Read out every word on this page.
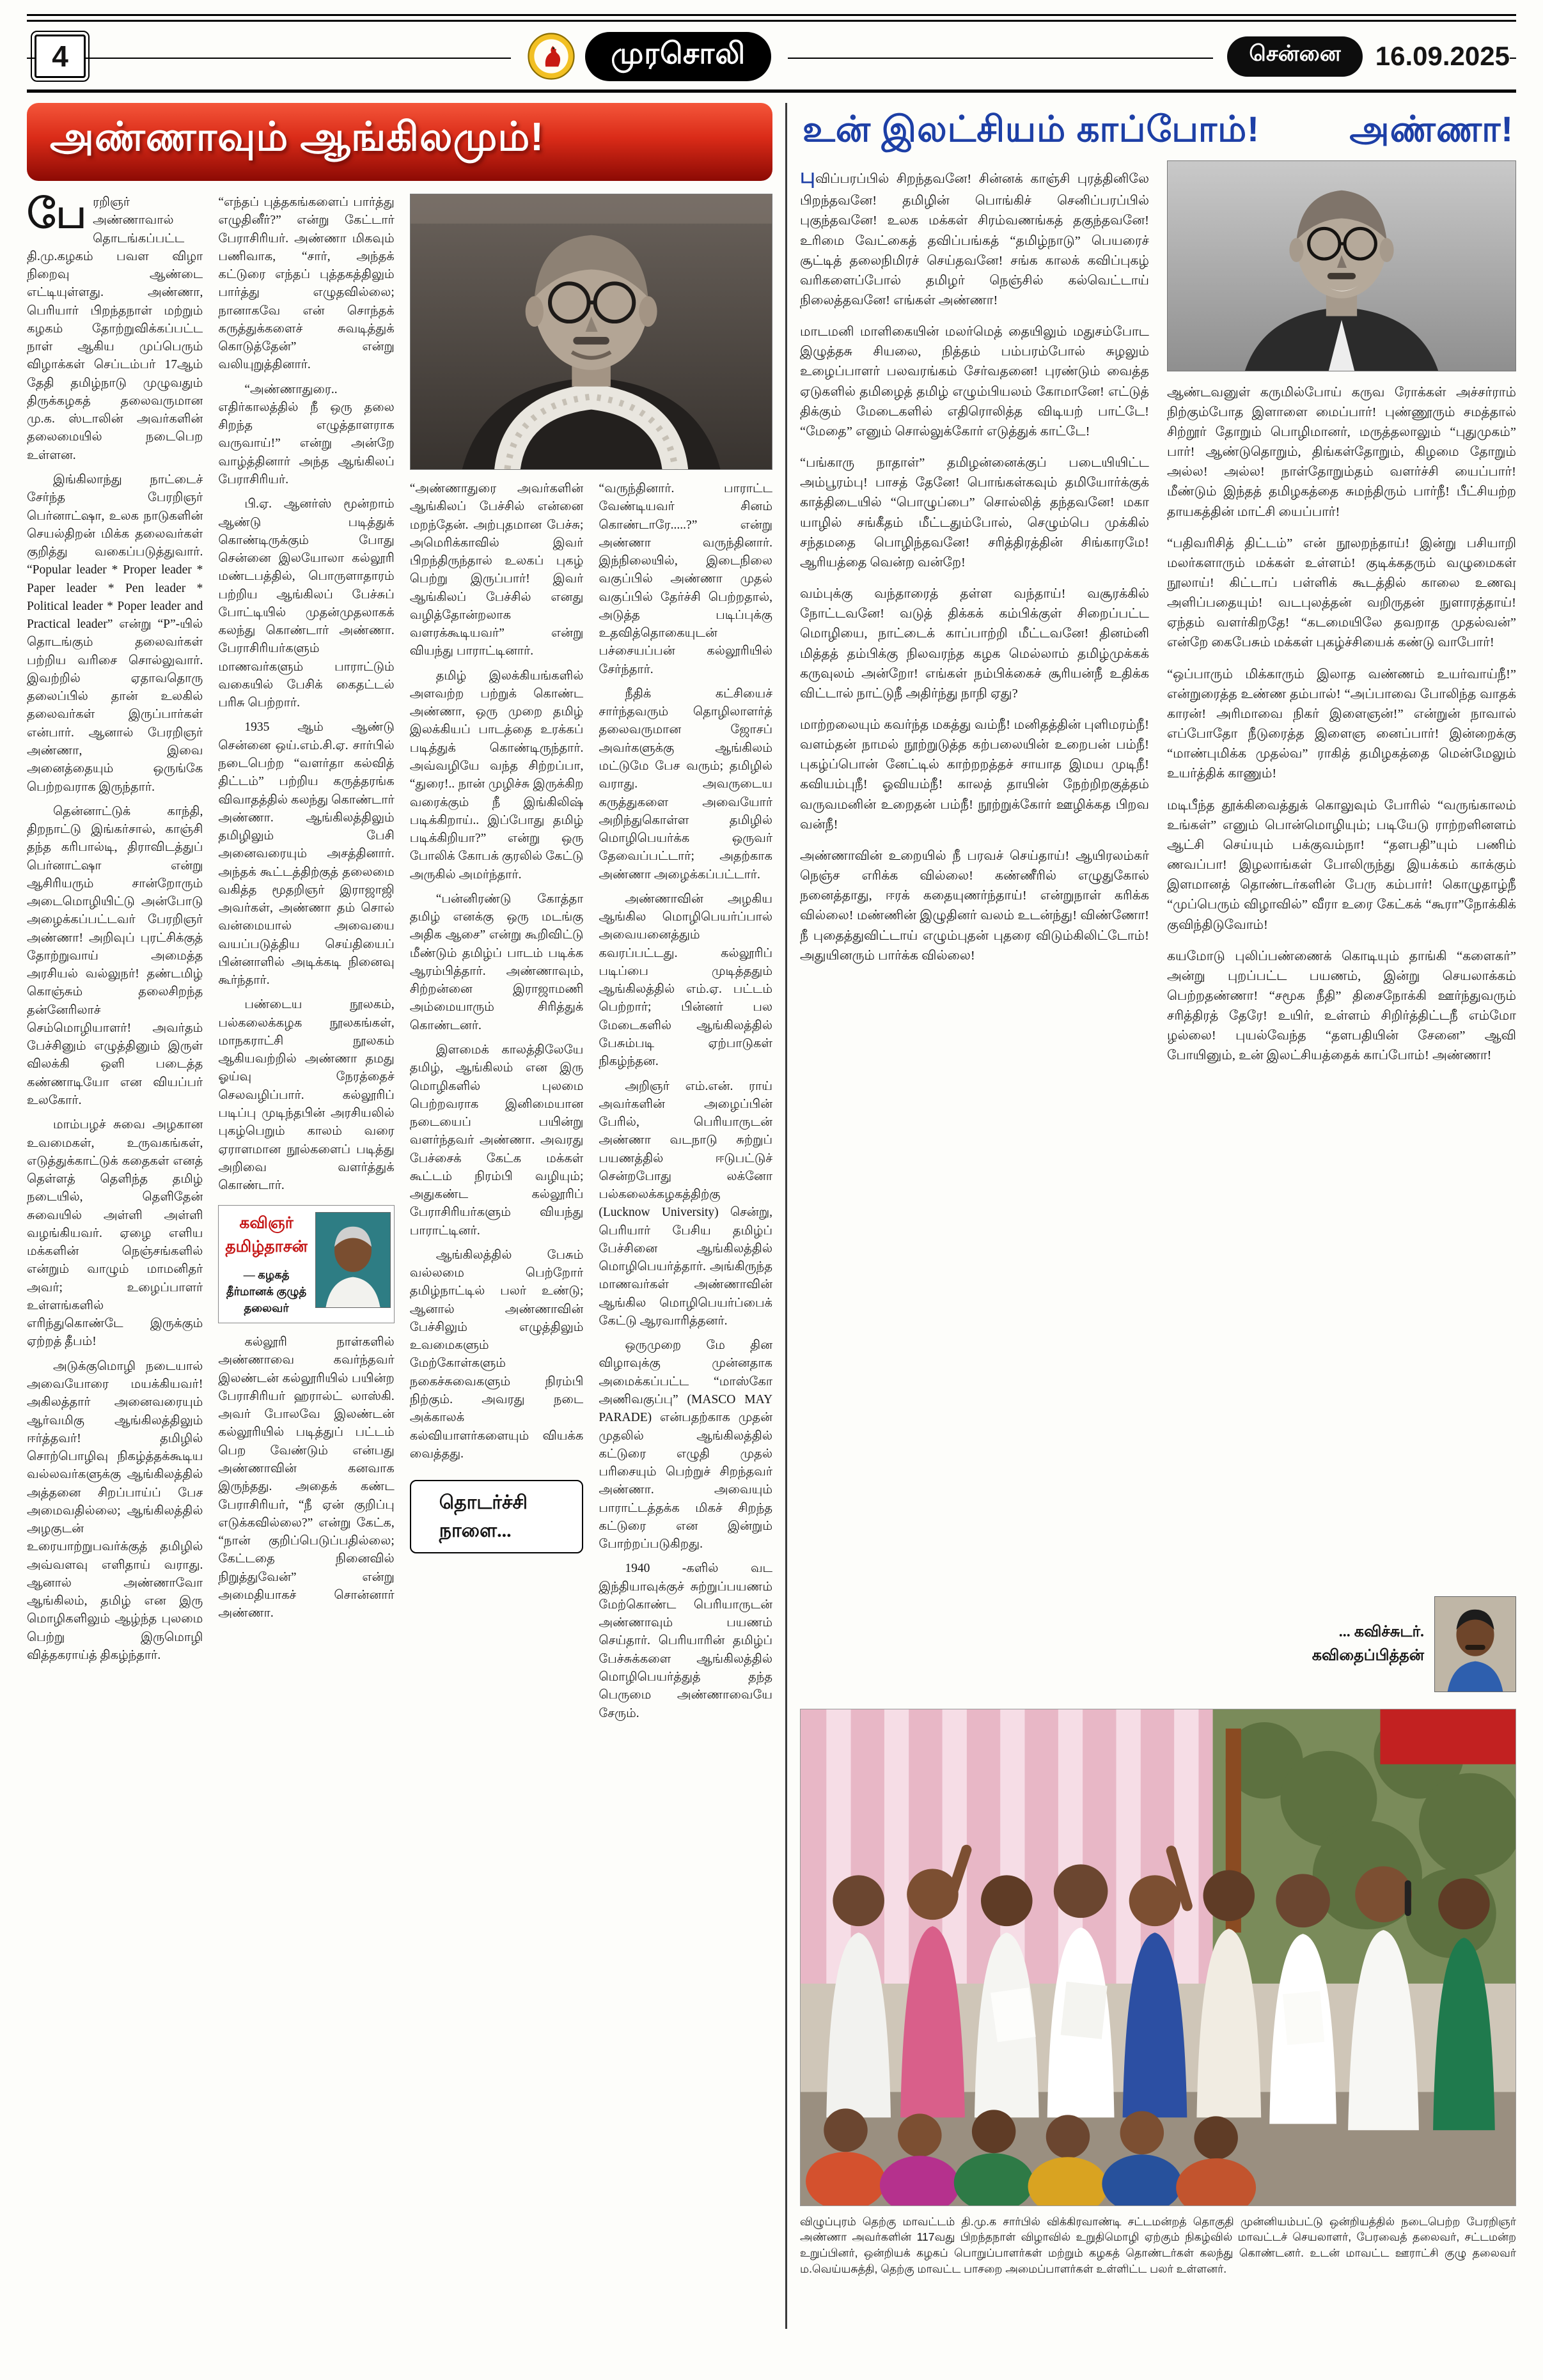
4	முரசொலி	சென்னை	16.09.2025
அண்ணாவும் ஆங்கிலமும்!

பேரறிஞர் அண்ணாவால் தொடங்கப்பட்ட தி.மு.கழகம் பவள விழா நிறைவு ஆண்டை எட்டியுள்ளது. அண்ணா, பெரியார் பிறந்தநாள் மற்றும் கழகம் தோற்றுவிக்கப்பட்ட நாள் ஆகிய முப்பெரும் விழாக்கள் செப்டம்பர் 17ஆம் தேதி தமிழ்நாடு முழுவதும் திருக்கழகத் தலைவருமான மு.க. ஸ்டாலின் அவர்களின் தலைமையில் நடைபெற உள்ளன.

இங்கிலாந்து நாட்டைச் சேர்ந்த பேரறிஞர் பெர்னாட்ஷா, உலக நாடுகளின் செயல்திறன் மிக்க தலைவர்கள் குறித்து வகைப்படுத்துவார். “Popular leader * Proper leader * Paper leader * Pen leader * Political leader * Poper leader and Practical leader” என்று “P”-யில் தொடங்கும் தலைவர்கள் பற்றிய வரிசை சொல்லுவார். இவற்றில் ஏதாவதொரு தலைப்பில் தான் உலகில் தலைவர்கள் இருப்பார்கள் என்பார். ஆனால் பேரறிஞர் அண்ணா, இவை அனைத்தையும் ஒருங்கே பெற்றவராக இருந்தார்.

தென்னாட்டுக் காந்தி, திறநாட்டு இங்கர்சால், காஞ்சி தந்த கரிபால்டி, திராவிடத்துப் பெர்னாட்ஷா என்று ஆசிரியரும் சான்றோரும் அடைமொழியிட்டு அன்போடு அழைக்கப்பட்டவர் பேரறிஞர் அண்ணா! அறிவுப் புரட்சிக்குத் தோற்றுவாய் அமைத்த அரசியல் வல்லுநர்! தண்டமிழ் கொஞ்சும் தலைசிறந்த தன்னேரிலாச் செம்மொழியாளர்! அவர்தம் பேச்சினும் எழுத்தினும் இருள் விலக்கி ஒளி படைத்த கண்ணாடியோ என வியப்பர் உலகோர்.

மாம்பழச் சுவை அழகான உவமைகள், உருவகங்கள், எடுத்துக்காட்டுக் கதைகள் எனத் தெள்ளத் தெளிந்த தமிழ் நடையில், தெளிதேன் சுவையில் அள்ளி அள்ளி வழங்கியவர். ஏழை எளிய மக்களின் நெஞ்சங்களில் என்றும் வாழும் மாமனிதர் அவர்; உழைப்பாளர் உள்ளங்களில் எரிந்துகொண்டே இருக்கும் ஏற்றத் தீபம்!

அடுக்குமொழி நடையால் அவையோரை மயக்கியவர்! அகிலத்தார் அனைவரையும் ஆர்வமிகு ஆங்கிலத்திலும் ஈர்த்தவர்! தமிழில் சொற்பொழிவு நிகழ்த்தக்கூடிய வல்லவர்களுக்கு ஆங்கிலத்தில் அத்தனை சிறப்பாய்ப் பேச அமைவதில்லை; ஆங்கிலத்தில் அழகுடன் உரையாற்றுபவர்க்குத் தமிழில் அவ்வளவு எளிதாய் வராது. ஆனால் அண்ணாவோ ஆங்கிலம், தமிழ் என இரு மொழிகளிலும் ஆழ்ந்த புலமை பெற்று இருமொழி வித்தகராய்த் திகழ்ந்தார்.

“எந்தப் புத்தகங்களைப் பார்த்து எழுதினீர்?” என்று கேட்டார் பேராசிரியர். அண்ணா மிகவும் பணிவாக, “சார், அந்தக் கட்டுரை எந்தப் புத்தகத்திலும் பார்த்து எழுதவில்லை; நானாகவே என் சொந்தக் கருத்துக்களைச் சுவடித்துக் கொடுத்தேன்” என்று வலியுறுத்தினார்.

“அண்ணாதுரை.. எதிர்காலத்தில் நீ ஒரு தலை சிறந்த எழுத்தாளராக வருவாய்!” என்று அன்றே வாழ்த்தினார் அந்த ஆங்கிலப் பேராசிரியர்.

பி.ஏ. ஆனர்ஸ் மூன்றாம் ஆண்டு படித்துக் கொண்டிருக்கும் போது சென்னை இலயோலா கல்லூரி மண்டபத்தில், பொருளாதாரம் பற்றிய ஆங்கிலப் பேச்சுப் போட்டியில் முதன்முதலாகக் கலந்து கொண்டார் அண்ணா. பேராசிரியர்களும் மாணவர்களும் பாராட்டும் வகையில் பேசிக் கைதட்டல் பரிசு பெற்றார்.

1935 ஆம் ஆண்டு சென்னை ஒய்.எம்.சி.ஏ. சார்பில் நடைபெற்ற “வளர்தா கல்வித் திட்டம்” பற்றிய கருத்தரங்க விவாதத்தில் கலந்து கொண்டார் அண்ணா. ஆங்கிலத்திலும் தமிழிலும் பேசி அனைவரையும் அசத்தினார். அந்தக் கூட்டத்திற்குத் தலைமை வகித்த மூதறிஞர் இராஜாஜி அவர்கள், அண்ணா தம் சொல் வன்மையால் அவையை வயப்படுத்திய செய்தியைப் பின்னாளில் அடிக்கடி நினைவு கூர்ந்தார்.

பண்டைய நூலகம், பல்கலைக்கழக நூலகங்கள், மாநகராட்சி நூலகம் ஆகியவற்றில் அண்ணா தமது ஓய்வு நேரத்தைச் செலவழிப்பார். கல்லூரிப் படிப்பு முடிந்தபின் அரசியலில் புகழ்பெறும் காலம் வரை ஏராளமான நூல்களைப் படித்து அறிவை வளர்த்துக் கொண்டார்.

கவிஞர் தமிழ்தாசன்
— கழகத் தீர்மானக் குழுத் தலைவர்

கல்லூரி நாள்களில் அண்ணாவை கவர்ந்தவர் இலண்டன் கல்லூரியில் பயின்ற பேராசிரியர் ஹரால்ட் லாஸ்கி. அவர் போலவே இலண்டன் கல்லூரியில் படித்துப் பட்டம் பெற வேண்டும் என்பது அண்ணாவின் கனவாக இருந்தது. அதைக் கண்ட பேராசிரியர், “நீ ஏன் குறிப்பு எடுக்கவில்லை?” என்று கேட்க, “நான் குறிப்பெடுப்பதில்லை; கேட்டதை நினைவில் நிறுத்துவேன்” என்று அமைதியாகச் சொன்னார் அண்ணா.

“அண்ணாதுரை அவர்களின் ஆங்கிலப் பேச்சில் என்னை மறந்தேன். அற்புதமான பேச்சு; அமெரிக்காவில் இவர் பிறந்திருந்தால் உலகப் புகழ் பெற்று இருப்பார்! இவர் ஆங்கிலப் பேச்சில் எனது வழித்தோன்றலாக வளரக்கூடியவர்” என்று வியந்து பாராட்டினார்.

தமிழ் இலக்கியங்களில் அளவற்ற பற்றுக் கொண்ட அண்ணா, ஒரு முறை தமிழ் இலக்கியப் பாடத்தை உரக்கப் படித்துக் கொண்டிருந்தார். அவ்வழியே வந்த சிற்றப்பா, “துரை!.. நான் முழிச்சு இருக்கிற வரைக்கும் நீ இங்கிலிஷ் படிக்கிறாய்.. இப்போது தமிழ் படிக்கிறியா?” என்று ஒரு போலிக் கோபக் குரலில் கேட்டு அருகில் அமர்ந்தார்.

“பன்னிரண்டு கோத்தா தமிழ் எனக்கு ஒரு மடங்கு அதிக ஆசை” என்று கூறிவிட்டு மீண்டும் தமிழ்ப் பாடம் படிக்க ஆரம்பித்தார். அண்ணாவும், சிற்றன்னை இராஜாமணி அம்மையாரும் சிரித்துக் கொண்டனர்.

இளமைக் காலத்திலேயே தமிழ், ஆங்கிலம் என இரு மொழிகளில் புலமை பெற்றவராக இனிமையான நடையைப் பயின்று வளர்ந்தவர் அண்ணா. அவரது பேச்சைக் கேட்க மக்கள் கூட்டம் நிரம்பி வழியும்; அதுகண்ட கல்லூரிப் பேராசிரியர்களும் வியந்து பாராட்டினர்.

ஆங்கிலத்தில் பேசும் வல்லமை பெற்றோர் தமிழ்நாட்டில் பலர் உண்டு; ஆனால் அண்ணாவின் பேச்சிலும் எழுத்திலும் உவமைகளும் மேற்கோள்களும் நகைச்சுவைகளும் நிரம்பி நிற்கும். அவரது நடை அக்காலக் கல்வியாளர்களையும் வியக்க வைத்தது.

தொடர்ச்சி நாளை...

“வருந்தினார். பாராட்ட வேண்டியவர் சினம் கொண்டாரே.....?” என்று அண்ணா வருந்தினார். இந்நிலையில், இடைநிலை வகுப்பில் அண்ணா முதல் வகுப்பில் தேர்ச்சி பெற்றதால், அடுத்த படிப்புக்கு உதவித்தொகையுடன் பச்சையப்பன் கல்லூரியில் சேர்ந்தார்.

நீதிக் கட்சியைச் சார்ந்தவரும் தொழிலாளர்த் தலைவருமான ஜோசப் அவர்களுக்கு ஆங்கிலம் மட்டுமே பேச வரும்; தமிழில் வராது. அவருடைய கருத்துகளை அவையோர் அறிந்துகொள்ள தமிழில் மொழிபெயர்க்க ஒருவர் தேவைப்பட்டார்; அதற்காக அண்ணா அழைக்கப்பட்டார்.

அண்ணாவின் அழகிய ஆங்கில மொழிபெயர்ப்பால் அவையனைத்தும் கவரப்பட்டது. கல்லூரிப் படிப்பை முடித்ததும் ஆங்கிலத்தில் எம்.ஏ. பட்டம் பெற்றார்; பின்னர் பல மேடைகளில் ஆங்கிலத்தில் பேசும்படி ஏற்பாடுகள் நிகழ்ந்தன.

அறிஞர் எம்.என். ராய் அவர்களின் அழைப்பின் பேரில், பெரியாருடன் அண்ணா வடநாடு சுற்றுப் பயணத்தில் ஈடுபட்டுச் சென்றபோது லக்னோ பல்கலைக்கழகத்திற்கு (Lucknow University) சென்று, பெரியார் பேசிய தமிழ்ப் பேச்சினை ஆங்கிலத்தில் மொழிபெயர்த்தார். அங்கிருந்த மாணவர்கள் அண்ணாவின் ஆங்கில மொழிபெயர்ப்பைக் கேட்டு ஆரவாரித்தனர்.

ஒருமுறை மே தின விழாவுக்கு முன்னதாக அமைக்கப்பட்ட “மாஸ்கோ அணிவகுப்பு” (MASCO MAY PARADE) என்பதற்காக முதன் முதலில் ஆங்கிலத்தில் கட்டுரை எழுதி முதல் பரிசையும் பெற்றுச் சிறந்தவர் அண்ணா. அவையும் பாராட்டத்தக்க மிகச் சிறந்த கட்டுரை என இன்றும் போற்றப்படுகிறது.

1940 -களில் வட இந்தியாவுக்குச் சுற்றுப்பயணம் மேற்கொண்ட பெரியாருடன் அண்ணாவும் பயணம் செய்தார். பெரியாரின் தமிழ்ப் பேச்சுக்களை ஆங்கிலத்தில் மொழிபெயர்த்துத் தந்த பெருமை அண்ணாவையே சேரும்.

உன் இலட்சியம் காப்போம்!	அண்ணா!

புவிப்பரப்பில் சிறந்தவனே! சின்னக் காஞ்சி புரத்தினிலே பிறந்தவனே! தமிழின் பொங்கிச் செனிப்பரப்பில் புகுந்தவனே! உலக மக்கள் சிரம்வணங்கத் தகுந்தவனே! உரிமை வேட்கைத் தவிப்பங்கத் “தமிழ்நாடு” பெயரைச் சூட்டித் தலைநிமிரச் செய்தவனே! சங்க காலக் கவிப்புகழ் வரிகளைப்போல் தமிழர் நெஞ்சில் கல்வெட்டாய் நிலைத்தவனே! எங்கள் அண்ணா!

மாடமனி மாளிகையின் மலர்மெத் தையிலும் மதுசம்போட இழுத்தசு சியலை, நித்தம் பம்பரம்போல் சுழலும் உழைப்பாளர் பலவரங்கம் சேர்வதனை! புரண்டும் வைத்த ஏடுகளில் தமிழைத் தமிழ் எழும்பியலம் கோமானே! எட்டுத் திக்கும் மேடைகளில் எதிரொலித்த விடியற் பாட்டே! “மேதை” எனும் சொல்லுக்கோர் எடுத்துக் காட்டே!

“பங்காரு நாதாள்” தமிழன்னைக்குப் படையியிட்ட அம்பூரம்பு! பாசத் தேனே! பொங்கள்கவும் தமியோர்க்குக் காத்திடையில் “பொழுப்பை” சொல்லித் தந்தவனே! மகா யாழில் சங்கீதம் மீட்டதும்போல், செழும்பெ முக்கில் சந்தமதை பொழிந்தவனே! சரித்திரத்தின் சிங்காரமே! ஆரியத்தை வென்ற வன்றே!

வம்புக்கு வந்தாரைத் தள்ள வந்தாய்! வசூரக்கில் நோட்டவனே! வடுத் திக்கக் கம்பிக்குள் சிறைப்பட்ட மொழியை, நாட்டைக் காப்பாற்றி மீட்டவனே! தினம்னி மித்தத் தம்பிக்கு நிலவரந்த கழக மெல்லாம் தமிழ்முக்கக் கருவுலம் அன்றோ! எங்கள் நம்பிக்கைச் சூரியன்நீ உதிக்க விட்டால் நாட்டுநீ அதிர்ந்து நாநி ஏது?

மாற்றலையும் கவர்ந்த மகத்து வம்நீ! மனிதத்தின் புளிமரம்நீ! வளம்தன் நாமல் நூற்றுடுத்த கற்பலையின் உறைபன் பம்நீ! புகழ்ப்பொன் னேட்டில் காற்றறத்தச் சாயாத இமய முடிநீ! கவியம்புநீ! ஓவியம்நீ! காலத் தாயின் நேற்றிறகுத்தம் வருவமனின் உறைதன் பம்நீ! நூற்றுக்கோர் ஊழிக்கத பிறவ வன்நீ!

அண்ணாவின் உறையில் நீ பரவச் செய்தாய்! ஆயிரலம்கர் நெஞ்ச எரிக்க வில்லை! கண்ணீரில் எழுதுகோல் நனைத்தாது, ஈரக் கதையுணர்ந்தாய்! என்றுநாள் கரிக்க வில்லை! மண்ணின் இழுதினர் வலம் உடன்ந்து! விண்ணோ! நீ புதைத்துவிட்டாய் எழும்புதன் புதரை விடும்கிலிட்டோம்! அதுயினரும் பார்க்க வில்லை!

ஆண்டவனுள் கருமில்போய் கருவ ரோக்கள் அச்சர்ராம் நிற்கும்போத இளாளை மைப்பார்! புண்ணூரும் சமத்தால் சிற்றூர் தோறும் பொழிமானர், மருத்தலாலும் “புதுமுகம்” பார்! ஆண்டுதொறும், திங்கள்தோறும், கிழமை தோறும் அல்ல! அல்ல! நாள்தோறும்தம் வளர்ச்சி யைப்பார்! மீண்டும் இந்தத் தமிழகத்தை சுமந்திரும் பார்நீ! பீட்சியற்ற தாயகத்தின் மாட்சி யைப்பார்!

“பதிவரிசித் திட்டம்” என் நூலறந்தாய்! இன்று பசியாறி மலர்களாரும் மக்கள் உள்ளம்! குடிக்கதரும் வழுமைகள் நூலாய்! கிட்டாப் பள்ளிக் கூடத்தில் காலை உணவு அளிப்பதையும்! வடபுலத்தன் வறிருதன் நுளாரத்தாய்! ஏந்தம் வளர்கிறதே! “கடமையிலே தவறாத முதல்வன்” என்றே கைபேசும் மக்கள் புகழ்ச்சியைக் கண்டு வாபோர்!

“ஒப்பாரும் மிக்காரும் இலாத வண்ணம் உயர்வாய்நீ!” என்றுரைத்த உண்ண தம்பால்! “அப்பாவை போலிந்த வாதக் காரன்! அரிமாவை நிகர் இளைஞன்!” என்றுன் நாவால் எப்போதோ நீடுரைத்த இளைஞ னைப்பார்! இன்றைக்கு “மாண்புமிக்க முதல்வ” ராகித் தமிழகத்தை மென்மேலும் உயர்த்திக் காணும்!

மடிபீந்த தூக்கிவைத்துக் கொலுவும் போரில் “வருங்காலம் உங்கள்” எனும் பொன்மொழியும்; படியேடு ராற்றளினளம் ஆட்சி செய்யும் பக்குவம்நா! “தளபதி”யும் பணிம் ணவப்பா! இழலாங்கள் போலிருந்து இயக்கம் காக்கும் இளமானத் தொண்டர்களின் பேரு கம்பார்! கொழுதாழ்நீ “முப்பெரும் விழாவில்” வீரா உரை கேட்கக் “கூரா”நோக்கிக் குவிந்திடுவோம்!

கயமோடு புலிப்பண்ணைக் கொடியும் தாங்கி “களைகர்” அன்று புறப்பட்ட பயணம், இன்று செயலாக்கம் பெற்றதண்ணா! “சமூக நீதி” திசைநோக்கி ஊர்ந்துவரும் சரித்திரத் தேரே! உயிர், உள்ளம் சிறிர்த்திட்டநீ எம்மோ ழல்லை! புயல்வேந்த “தளபதியின் சேனை” ஆவி போயினும், உன் இலட்சியத்தைக் காப்போம்! அண்ணா!

... கவிச்சுடர்.
கவிதைப்பித்தன்
விழுப்புரம் தெற்கு மாவட்டம் தி.மு.க சார்பில் விக்கிரவாண்டி சட்டமன்றத் தொகுதி முன்னியம்பட்டு ஒன்றியத்தில் நடைபெற்ற பேரறிஞர் அண்ணா அவர்களின் 117வது பிறந்தநாள் விழாவில் உறுதிமொழி ஏற்கும் நிகழ்வில் மாவட்டச் செயலாளர், பேரவைத் தலைவர், சட்டமன்ற உறுப்பினர், ஒன்றியக் கழகப் பொறுப்பாளர்கள் மற்றும் கழகத் தொண்டர்கள் கலந்து கொண்டனர். உடன் மாவட்ட ஊராட்சி குழு தலைவர் ம.வெய்யசுத்தி, தெற்கு மாவட்ட பாசறை அமைப்பாளர்கள் உள்ளிட்ட பலர் உள்ளனர்.
